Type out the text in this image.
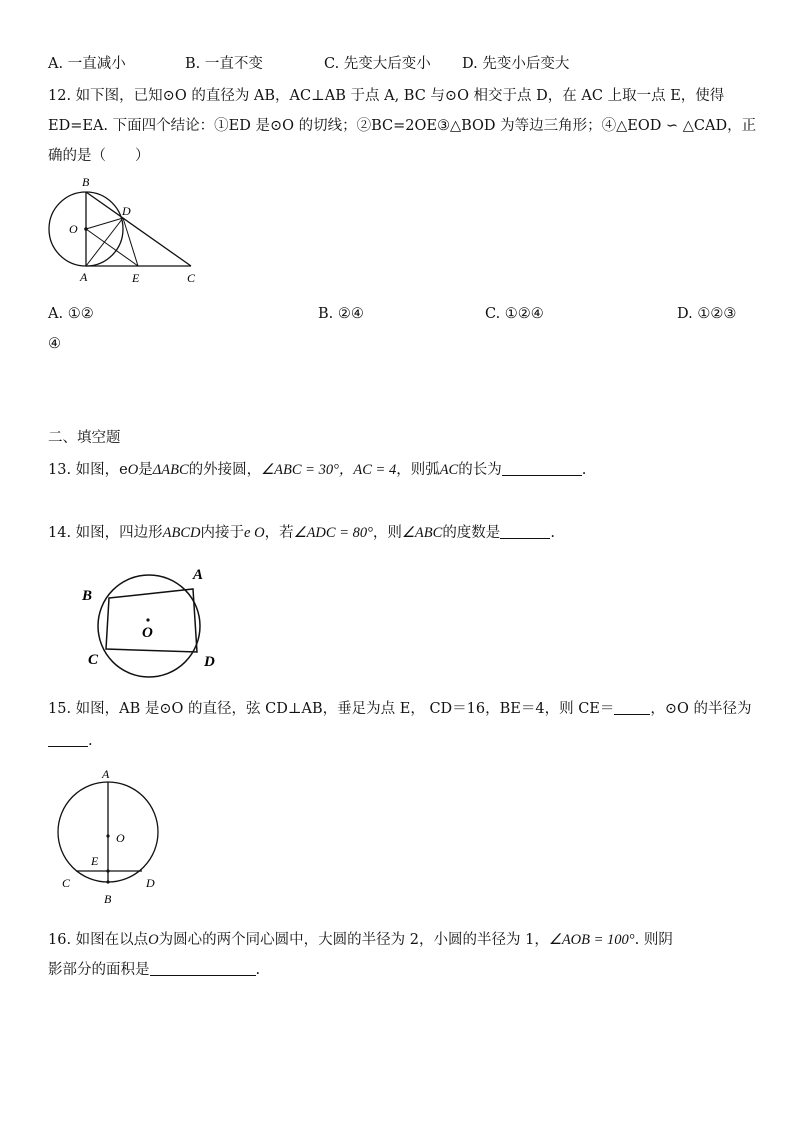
A. 一直减小	B. 一直不变	C. 先变大后变小 D. 先变小后变大
12. 如下图，已知⊙O 的直径为 AB，AC⊥AB 于点 A, BC 与⊙O 相交于点 D，在 AC 上取一点 E，使得
ED=EA. 下面四个结论：①ED 是⊙O 的切线；②BC=2OE③△BOD 为等边三角形；④△EOD ∽ △CAD，正
确的是（　　）
B
D
O
A	E	C
A. ①②	B. ②④	C. ①②④	D. ①②③
④
二、填空题
13. 如图，eO是ΔABC的外接圆，∠ABC = 30°，AC = 4，则弧AC的长为	.
14. 如图，四边形ABCD内接于e O，若∠ADC = 80°，则∠ABC的度数是	.
A
B
O
C	D
15. 如图，AB 是⊙O 的直径，弦 CD⊥AB，垂足为点 E， CD＝16，BE＝4，则 CE＝ ，⊙O 的半径为
.
A
O
E
C	D
B
16. 如图在以点O为圆心的两个同心圆中，大圆的半径为 2，小圆的半径为 1，∠AOB = 100°. 则阴
影部分的面积是	.
